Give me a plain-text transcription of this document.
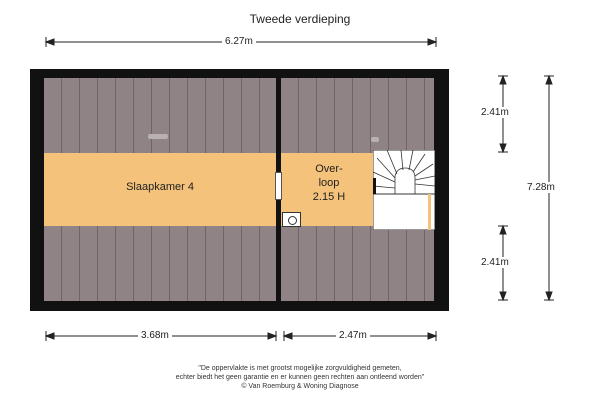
Tweede verdieping
6.27m
2.41m
2.41m
7.28m
3.68m	2.47m
Slaapkamer 4
Over-
loop
2.15 H
"De oppervlakte is met grootst mogelijke zorgvuldigheid gemeten,
echter biedt het geen garantie en er kunnen geen rechten aan ontleend worden"
© Van Roemburg & Woning Diagnose
